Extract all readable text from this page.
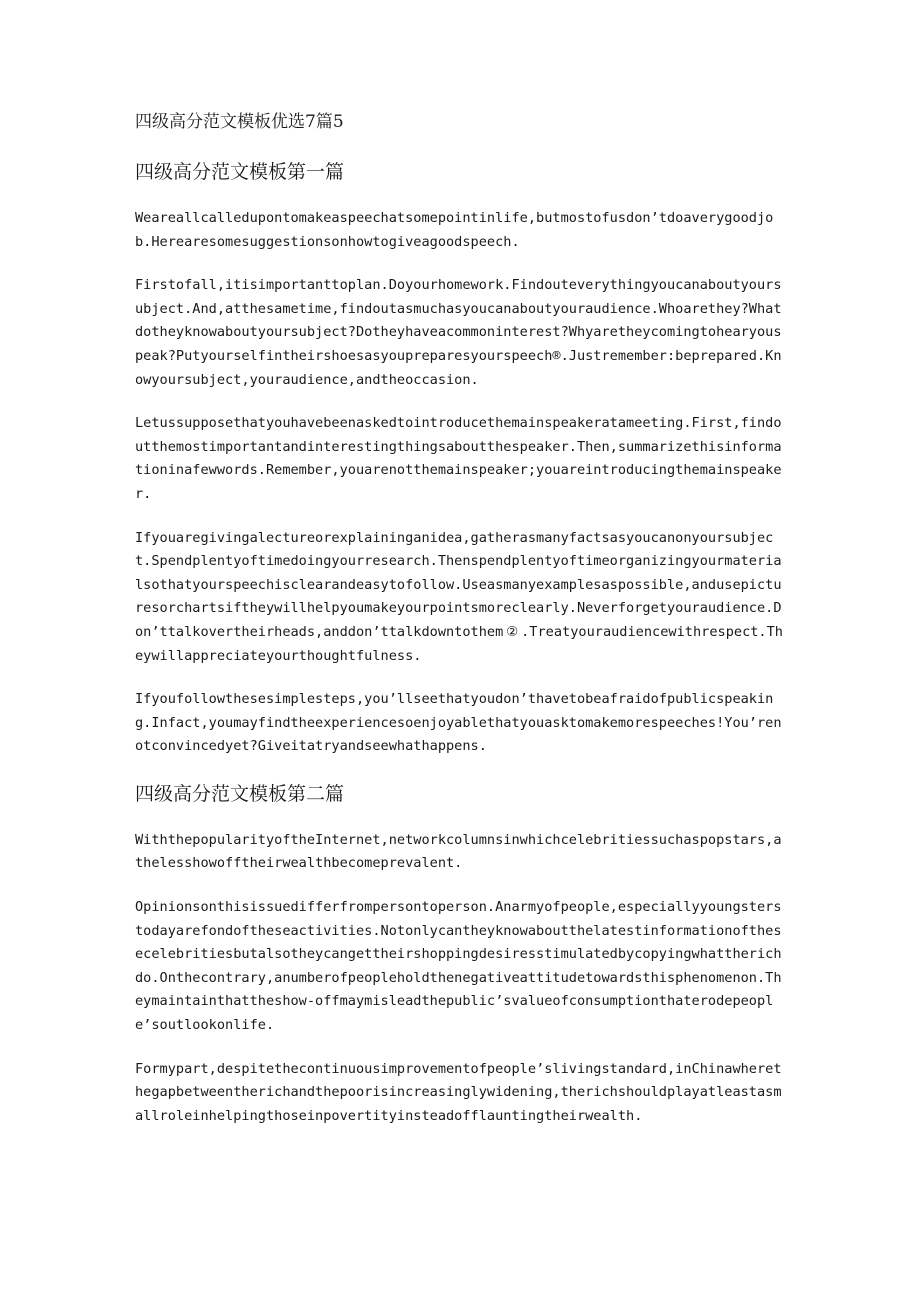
四级高分范文模板优选7篇5
四级高分范文模板第一篇

Weareallcalledupontomakeaspeechatsomepointinlife,butmostofusdon’tdoaverygoodjob.Herearesomesuggestionsonhowtogiveagoodspeech.

Firstofall,itisimportanttoplan.Doyourhomework.Findouteverythingyoucanaboutyoursubject.And,atthesametime,findoutasmuchasyoucanaboutyouraudience.Whoarethey?Whatdotheyknowaboutyoursubject?Dotheyhaveacommoninterest?Whyaretheycomingtohearyouspeak?Putyourselfintheirshoesasyoupreparesyourspeech®.Justremember:beprepared.Knowyoursubject,youraudience,andtheoccasion.

Letussupposethatyouhavebeenaskedtointroducethemainspeakeratameeting.First,findoutthemostimportantandinterestingthingsaboutthespeaker.Then,summarizethisinformationinafewwords.Remember,youarenotthemainspeaker;youareintroducingthemainspeaker.

Ifyouaregivingalectureorexplaininganidea,gatherasmanyfactsasyoucanonyoursubject.Spendplentyoftimedoingyourresearch.Thenspendplentyoftimeorganizingyourmaterialsothatyourspeechisclearandeasytofollow.Useasmanyexamplesaspossible,andusepicturesorchartsiftheywillhelpyoumakeyourpointsmoreclearly.Neverforgetyouraudience.Don’ttalkovertheirheads,anddon’ttalkdowntothem②.Treatyouraudiencewithrespect.Theywillappreciateyourthoughtfulness.

Ifyoufollowthesesimplesteps,you’llseethatyoudon’thavetobeafraidofpublicspeaking.Infact,youmayfindtheexperiencesoenjoyablethatyouasktomakemorespeeches!You’renotconvincedyet?Giveitatryandseewhathappens.

四级高分范文模板第二篇

WiththepopularityoftheInternet,networkcolumnsinwhichcelebritiessuchaspopstars,athelesshowofftheirwealthbecomeprevalent.

Opinionsonthisissuedifferfrompersontoperson.Anarmyofpeople,especiallyyoungsterstodayarefondoftheseactivities.Notonlycantheyknowaboutthelatestinformationofthesecelebritiesbutalsotheycangettheirshoppingdesiresstimulatedbycopyingwhattherichdo.Onthecontrary,anumberofpeopleholdthenegativeattitudetowardsthisphenomenon.Theymaintainthattheshow-offmaymisleadthepublic’svalueofconsumptionthaterodepeople’soutlookonlife.

Formypart,despitethecontinuousimprovementofpeople’slivingstandard,inChinawherethegapbetweentherichandthepoorisincreasinglywidening,therichshouldplayatleastasmallroleinhelpingthoseinpovertityinsteadofflauntingtheirwealth.
